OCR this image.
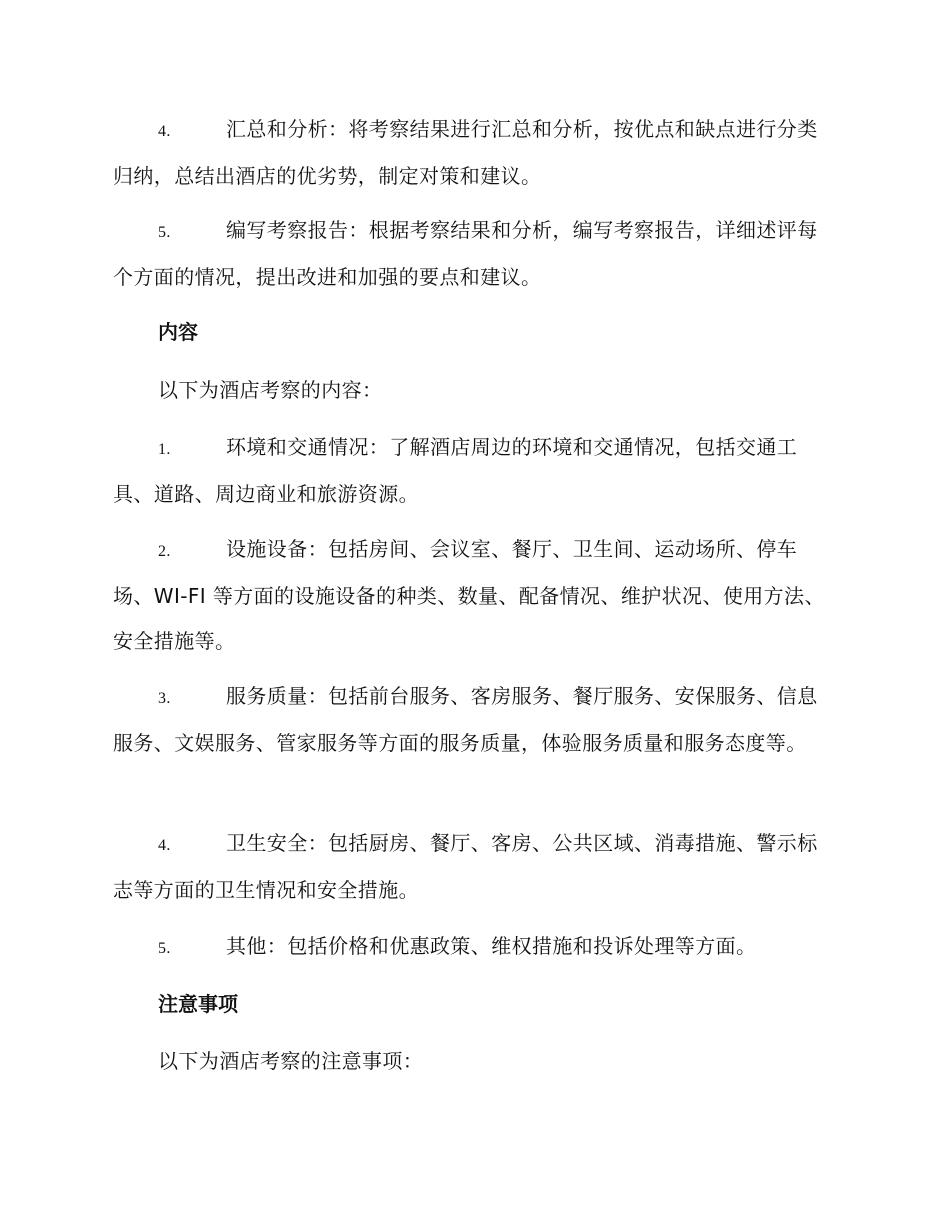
4.	汇总和分析：将考察结果进行汇总和分析，按优点和缺点进行分类归纳，总结出酒店的优劣势，制定对策和建议。
5.	编写考察报告：根据考察结果和分析，编写考察报告，详细述评每个方面的情况，提出改进和加强的要点和建议。
内容
以下为酒店考察的内容：
1.	环境和交通情况：了解酒店周边的环境和交通情况，包括交通工具、道路、周边商业和旅游资源。
2.	设施设备：包括房间、会议室、餐厅、卫生间、运动场所、停车场、WI-FI 等方面的设施设备的种类、数量、配备情况、维护状况、使用方法、安全措施等。
3.	服务质量：包括前台服务、客房服务、餐厅服务、安保服务、信息服务、文娱服务、管家服务等方面的服务质量，体验服务质量和服务态度等。
4.	卫生安全：包括厨房、餐厅、客房、公共区域、消毒措施、警示标志等方面的卫生情况和安全措施。
5.	其他：包括价格和优惠政策、维权措施和投诉处理等方面。
注意事项
以下为酒店考察的注意事项：
